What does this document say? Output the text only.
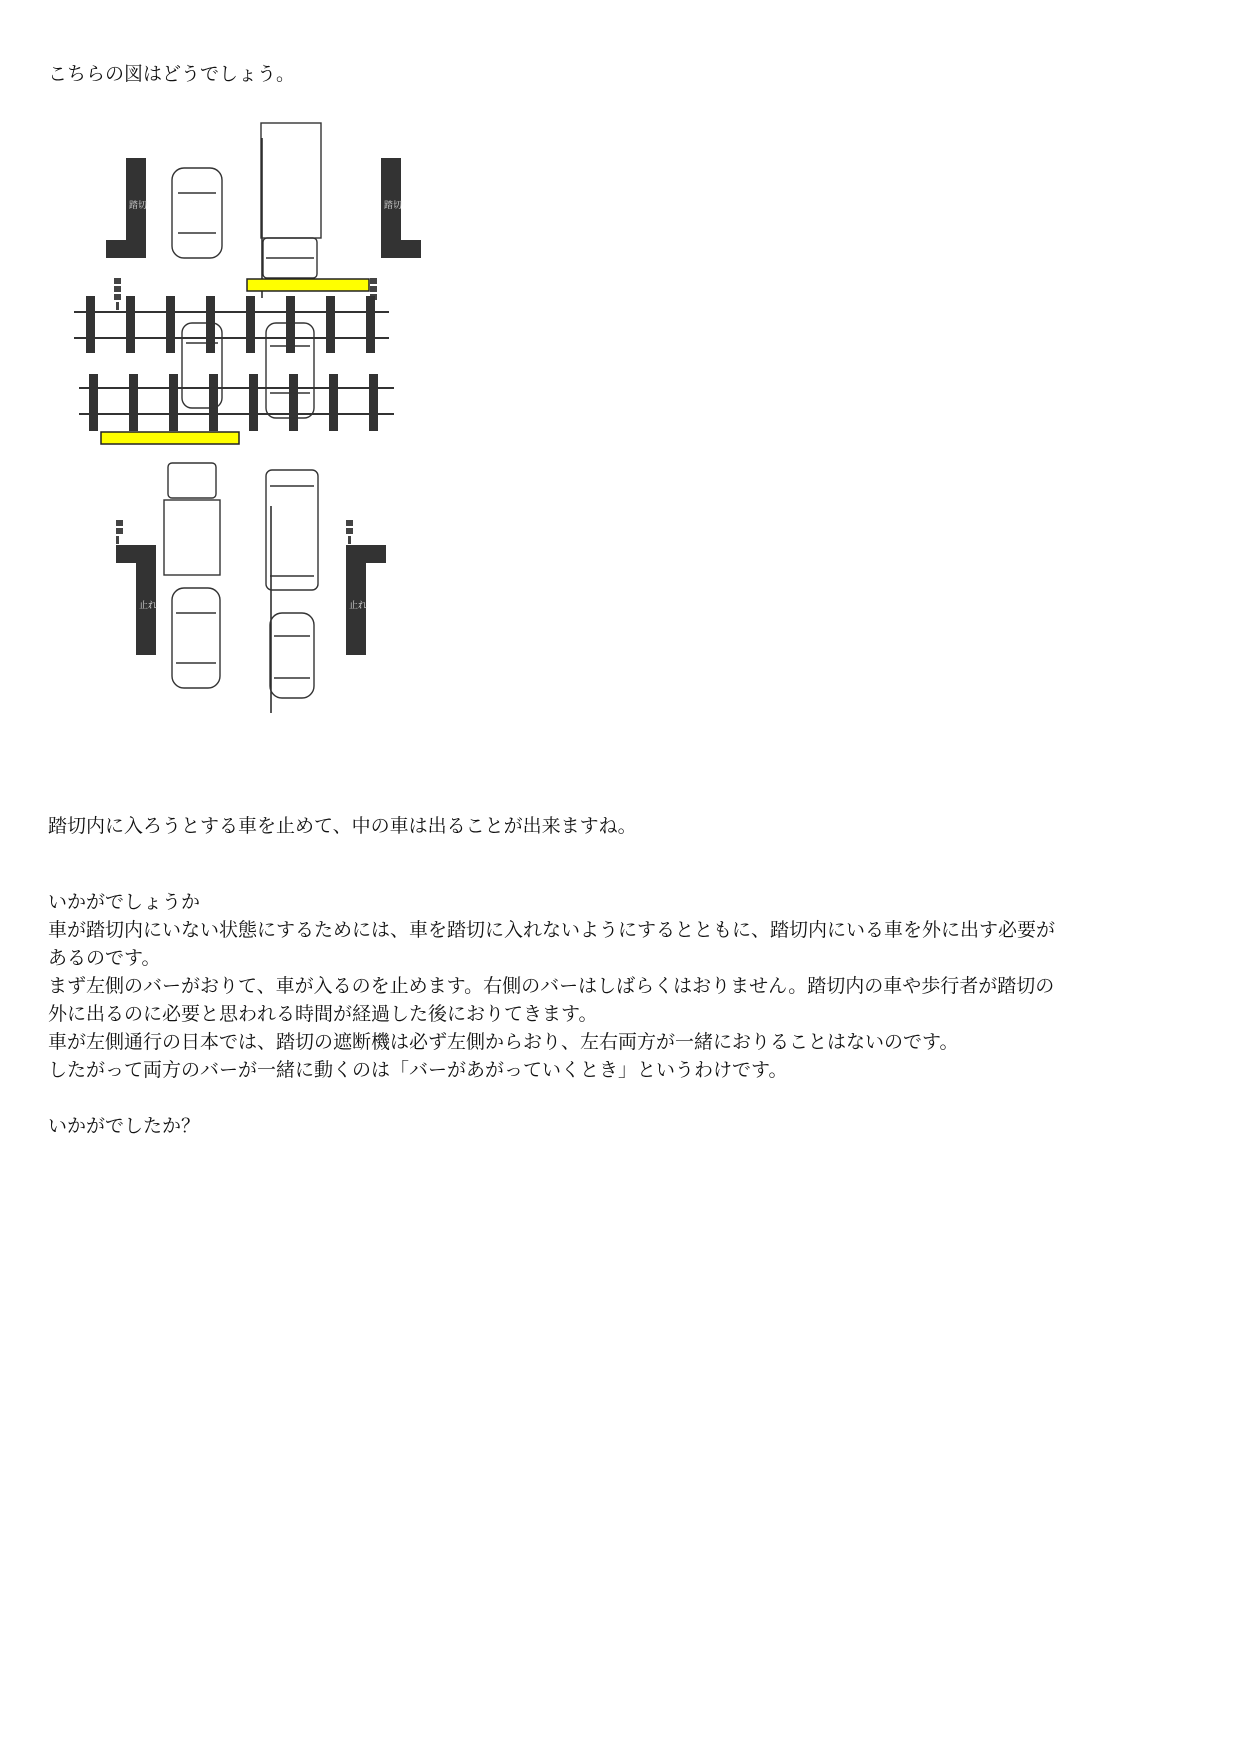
こちらの図はどうでしょう。
踏切	踏切
止れ	止れ
踏切内に入ろうとする車を止めて、中の車は出ることが出来ますね。
いかがでしょうか
車が踏切内にいない状態にするためには、車を踏切に入れないようにするとともに、踏切内にいる車を外に出す必要が
あるのです。
まず左側のバーがおりて、車が入るのを止めます。右側のバーはしばらくはおりません。踏切内の車や歩行者が踏切の
外に出るのに必要と思われる時間が経過した後におりてきます。
車が左側通行の日本では、踏切の遮断機は必ず左側からおり、左右両方が一緒におりることはないのです。
したがって両方のバーが一緒に動くのは「バーがあがっていくとき」というわけです。
いかがでしたか？
